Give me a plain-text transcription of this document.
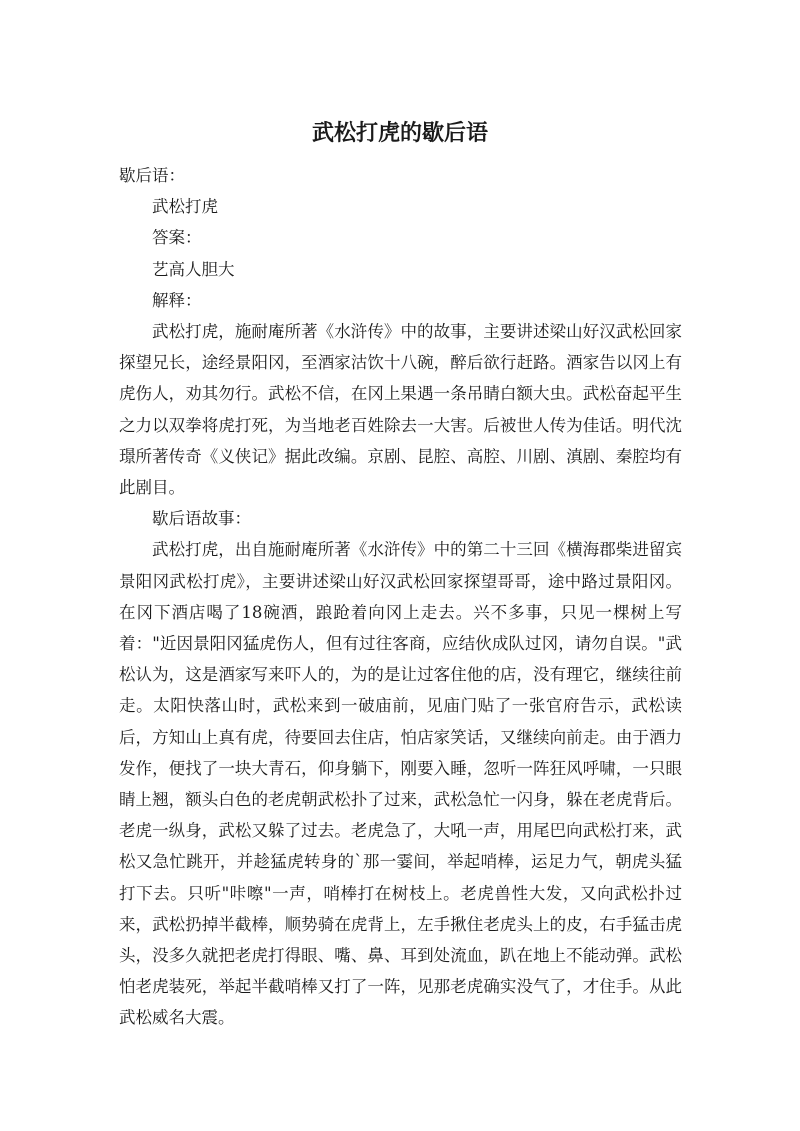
武松打虎的歇后语

歇后语：

武松打虎

答案：

艺高人胆大

解释：

武松打虎，施耐庵所著《水浒传》中的故事，主要讲述梁山好汉武松回家探望兄长，途经景阳冈，至酒家沽饮十八碗，醉后欲行赶路。酒家告以冈上有虎伤人，劝其勿行。武松不信，在冈上果遇一条吊睛白额大虫。武松奋起平生之力以双拳将虎打死，为当地老百姓除去一大害。后被世人传为佳话。明代沈璟所著传奇《义侠记》据此改编。京剧、昆腔、高腔、川剧、滇剧、秦腔均有此剧目。

歇后语故事：

武松打虎，出自施耐庵所著《水浒传》中的第二十三回《横海郡柴进留宾景阳冈武松打虎》，主要讲述梁山好汉武松回家探望哥哥，途中路过景阳冈。在冈下酒店喝了18碗酒，踉跄着向冈上走去。兴不多事，只见一棵树上写着："近因景阳冈猛虎伤人，但有过往客商，应结伙成队过冈，请勿自误。"武松认为，这是酒家写来吓人的，为的是让过客住他的店，没有理它，继续往前走。太阳快落山时，武松来到一破庙前，见庙门贴了一张官府告示，武松读后，方知山上真有虎，待要回去住店，怕店家笑话，又继续向前走。由于酒力发作，便找了一块大青石，仰身躺下，刚要入睡，忽听一阵狂风呼啸，一只眼睛上翘，额头白色的老虎朝武松扑了过来，武松急忙一闪身，躲在老虎背后。老虎一纵身，武松又躲了过去。老虎急了，大吼一声，用尾巴向武松打来，武松又急忙跳开，并趁猛虎转身的`那一霎间，举起哨棒，运足力气，朝虎头猛打下去。只听"咔嚓"一声，哨棒打在树枝上。老虎兽性大发，又向武松扑过来，武松扔掉半截棒，顺势骑在虎背上，左手揪住老虎头上的皮，右手猛击虎头，没多久就把老虎打得眼、嘴、鼻、耳到处流血，趴在地上不能动弹。武松怕老虎装死，举起半截哨棒又打了一阵，见那老虎确实没气了，才住手。从此武松威名大震。
